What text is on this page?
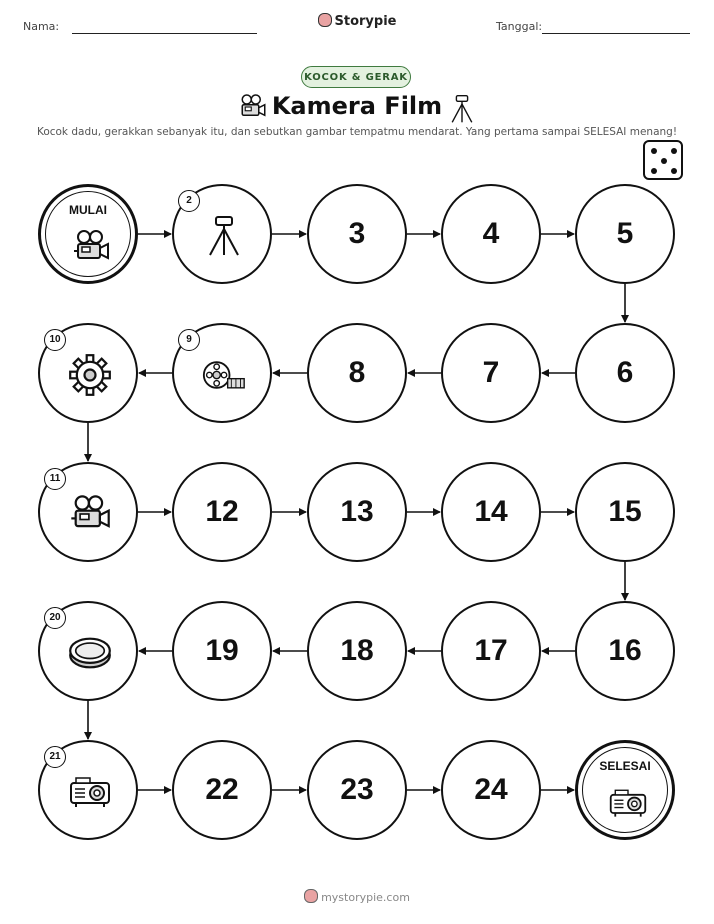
Nama:	Storypie	Tanggal:
KOCOK & GERAK
Kamera Film
Kocok dadu, gerakkan sebanyak itu, dan sebutkan gambar tempatmu mendarat. Yang pertama sampai SELESAI menang!
MULAI
2
3	4	5
6
7
8
9
10
11
12	13	14	15
16
17
18
19
20
21
22	23	24
SELESAI
mystorypie.com
